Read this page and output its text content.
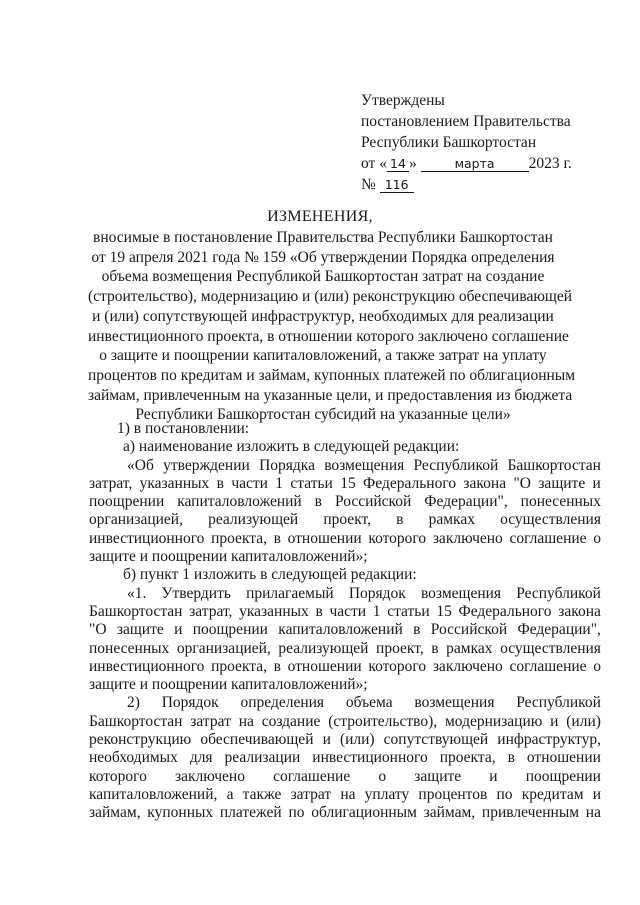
Утверждены
постановлением Правительства
Республики Башкортостан
от « 14 »	марта 2023 г.
№ 116
ИЗМЕНЕНИЯ,
вносимые в постановление Правительства Республики Башкортостан
от 19 апреля 2021 года № 159 «Об утверждении Порядка определения
объема возмещения Республикой Башкортостан затрат на создание
(строительство), модернизацию и (или) реконструкцию обеспечивающей
и (или) сопутствующей инфраструктур, необходимых для реализации
инвестиционного проекта, в отношении которого заключено соглашение
о защите и поощрении капиталовложений, а также затрат на уплату
процентов по кредитам и займам, купонных платежей по облигационным
займам, привлеченным на указанные цели, и предоставления из бюджета
Республики Башкортостан субсидий на указанные цели»
1) в постановлении:
а) наименование изложить в следующей редакции:
«Об утверждении Порядка возмещения Республикой Башкортостан
затрат, указанных в части 1 статьи 15 Федерального закона "О защите и
поощрении капиталовложений в Российской Федерации", понесенных
организацией, реализующей проект, в рамках осуществления
инвестиционного проекта, в отношении которого заключено соглашение о
защите и поощрении капиталовложений»;
б) пункт 1 изложить в следующей редакции:
«1. Утвердить прилагаемый Порядок возмещения Республикой
Башкортостан затрат, указанных в части 1 статьи 15 Федерального закона
"О защите и поощрении капиталовложений в Российской Федерации",
понесенных организацией, реализующей проект, в рамках осуществления
инвестиционного проекта, в отношении которого заключено соглашение о
защите и поощрении капиталовложений»;
2) Порядок определения объема возмещения Республикой
Башкортостан затрат на создание (строительство), модернизацию и (или)
реконструкцию обеспечивающей и (или) сопутствующей инфраструктур,
необходимых для реализации инвестиционного проекта, в отношении
которого заключено соглашение о защите и поощрении
капиталовложений, а также затрат на уплату процентов по кредитам и
займам, купонных платежей по облигационным займам, привлеченным на
